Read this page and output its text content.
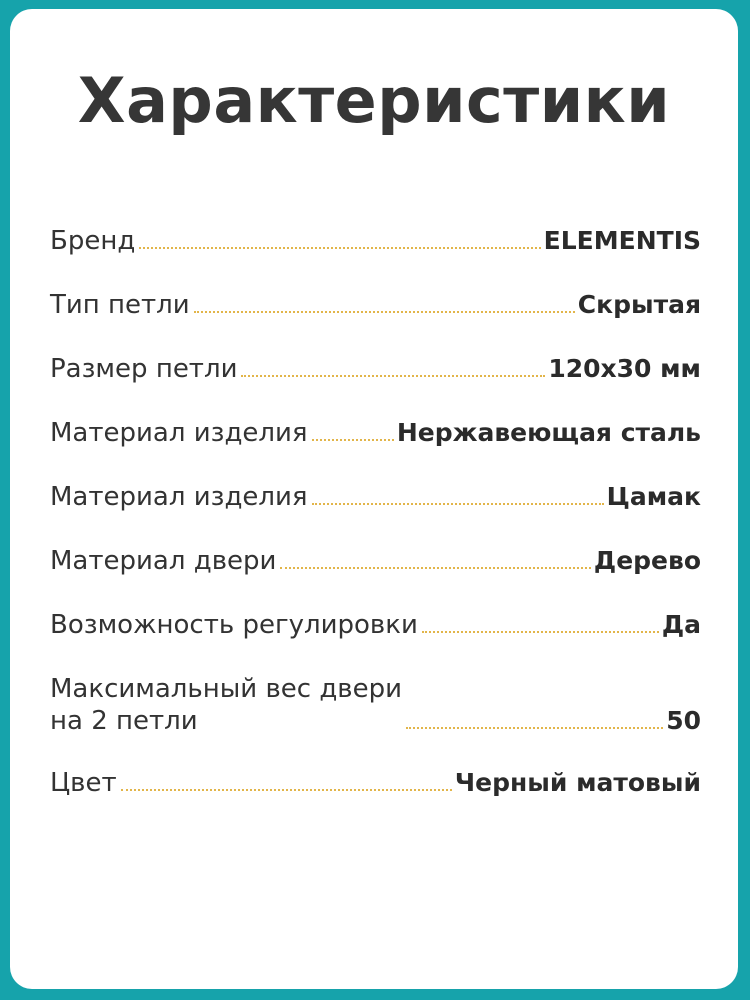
Характеристики
Бренд	ELEMENTIS
Тип петли	Скрытая
Размер петли	120х30 мм
Материал изделия	Нержавеющая сталь
Материал изделия	Цамак
Материал двери	Дерево
Возможность регулировки	Да
Максимальный вес двери
на 2 петли	50
Цвет	Черный матовый
